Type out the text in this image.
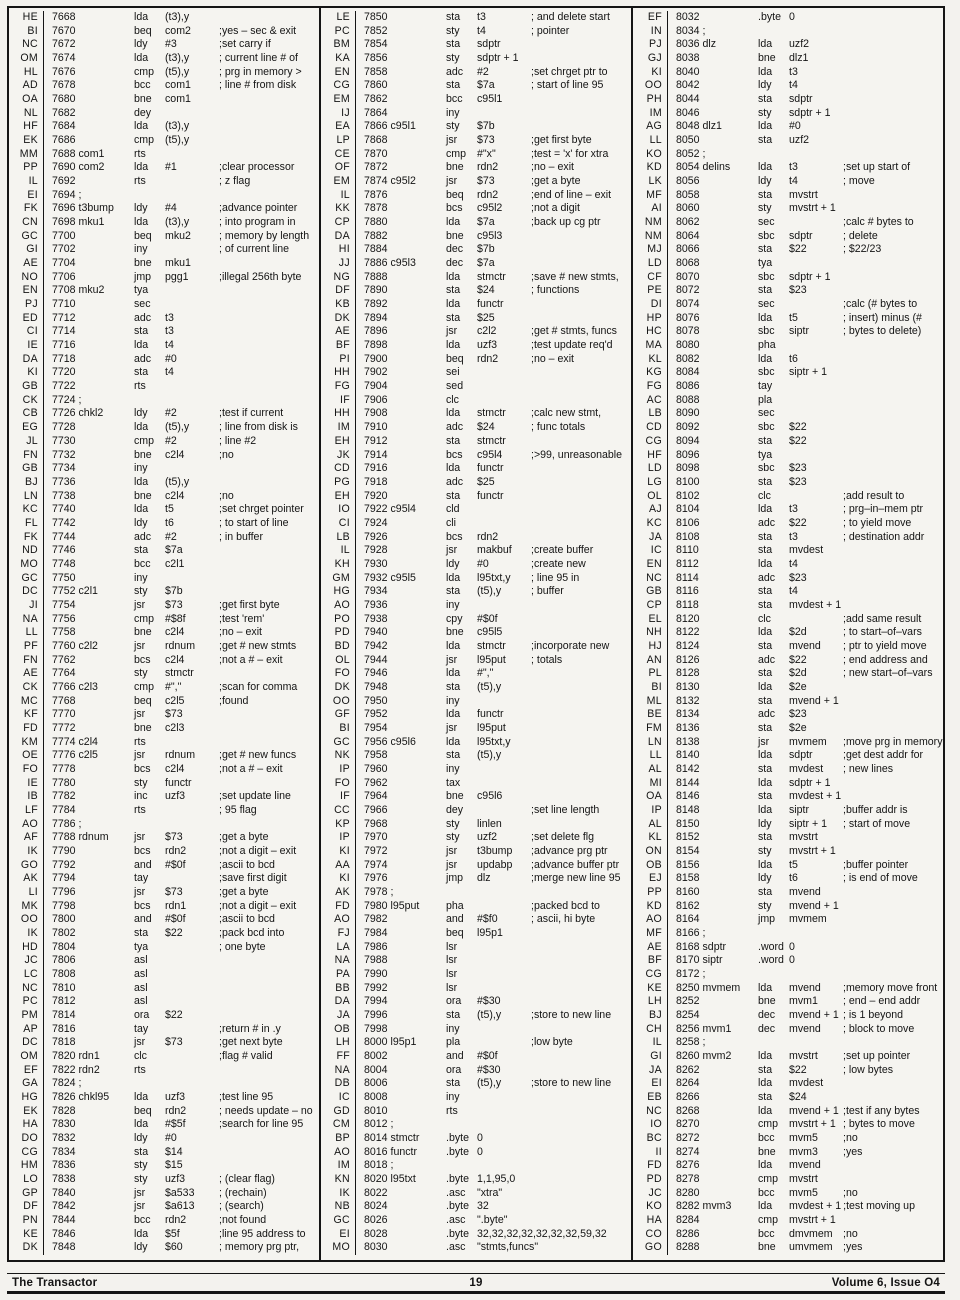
HE	7668	lda	(t3),y
BI	7670	beq	com2	;yes – sec & exit
NC	7672	ldy	#3	;set carry if
OM	7674	lda	(t3),y	; current line # of
HL	7676	cmp	(t5),y	; prg in memory >
AD	7678	bcc	com1	; line # from disk
OA	7680	bne	com1
NL	7682	dey
HF	7684	lda	(t3),y
EK	7686	cmp	(t5),y
MM	7688 com1	rts
PP	7690 com2	lda	#1	;clear processor
IL	7692	rts	; z flag
EI	7694 ;
FK	7696 t3bump	ldy	#4	;advance pointer
CN	7698 mku1	lda	(t3),y	; into program in
GC	7700	beq	mku2	; memory by length
GI	7702	iny	; of current line
AE	7704	bne	mku1
NO	7706	jmp	pgg1	;illegal 256th byte
EN	7708 mku2	tya
PJ	7710	sec
ED	7712	adc	t3
CI	7714	sta	t3
IE	7716	lda	t4
DA	7718	adc	#0
KI	7720	sta	t4
GB	7722	rts
CK	7724 ;
CB	7726 chkl2	ldy	#2	;test if current
EG	7728	lda	(t5),y	; line from disk is
JL	7730	cmp	#2	; line #2
FN	7732	bne	c2l4	;no
GB	7734	iny
BJ	7736	lda	(t5),y
LN	7738	bne	c2l4	;no
KC	7740	lda	t5	;set chrget pointer
FL	7742	ldy	t6	; to start of line
FK	7744	adc	#2	; in buffer
ND	7746	sta	$7a
MO	7748	bcc	c2l1
GC	7750	iny
DC	7752 c2l1	sty	$7b
JI	7754	jsr	$73	;get first byte
NA	7756	cmp	#$8f	;test 'rem'
LL	7758	bne	c2l4	;no – exit
PF	7760 c2l2	jsr	rdnum	;get # new stmts
FN	7762	bcs	c2l4	;not a # – exit
AE	7764	sty	stmctr
CK	7766 c2l3	cmp	#","	;scan for comma
MC	7768	beq	c2l5	;found
KF	7770	jsr	$73
FD	7772	bne	c2l3
KM	7774 c2l4	rts
OE	7776 c2l5	jsr	rdnum	;get # new funcs
FO	7778	bcs	c2l4	;not a # – exit
IE	7780	sty	functr
IB	7782	inc	uzf3	;set update line
LF	7784	rts	; 95 flag
AO	7786 ;
AF	7788 rdnum	jsr	$73	;get a byte
IK	7790	bcs	rdn2	;not a digit – exit
GO	7792	and	#$0f	;ascii to bcd
AK	7794	tay	;save first digit
LI	7796	jsr	$73	;get a byte
MK	7798	bcs	rdn1	;not a digit – exit
OO	7800	and	#$0f	;ascii to bcd
IK	7802	sta	$22	;pack bcd into
HD	7804	tya	; one byte
JC	7806	asl
LC	7808	asl
NC	7810	asl
PC	7812	asl
PM	7814	ora	$22
AP	7816	tay	;return # in .y
DC	7818	jsr	$73	;get next byte
OM	7820 rdn1	clc	;flag # valid
EF	7822 rdn2	rts
GA	7824 ;
HG	7826 chkl95	lda	uzf3	;test line 95
EK	7828	beq	rdn2	; needs update – no
HA	7830	lda	#$5f	;search for line 95
DO	7832	ldy	#0
CG	7834	sta	$14
HM	7836	sty	$15
LO	7838	sty	uzf3	; (clear flag)
GP	7840	jsr	$a533	; (rechain)
DF	7842	jsr	$a613	; (search)
PN	7844	bcc	rdn2	;not found
KE	7846	lda	$5f	;line 95 address to
DK	7848	ldy	$60	; memory prg ptr,
LE	7850	sta	t3	; and delete start
PC	7852	sty	t4	; pointer
BM	7854	sta	sdptr
KA	7856	sty	sdptr + 1
EN	7858	adc	#2	;set chrget ptr to
CG	7860	sta	$7a	; start of line 95
EM	7862	bcc	c95l1
IJ	7864	iny
EA	7866 c95l1	sty	$7b
LP	7868	jsr	$73	;get first byte
CE	7870	cmp	#"x"	;test = 'x' for xtra
OF	7872	bne	rdn2	;no – exit
EM	7874 c95l2	jsr	$73	;get a byte
IL	7876	beq	rdn2	;end of line – exit
KK	7878	bcs	c95l2	;not a digit
CP	7880	lda	$7a	;back up cg ptr
DA	7882	bne	c95l3
HI	7884	dec	$7b
JJ	7886 c95l3	dec	$7a
NG	7888	lda	stmctr	;save # new stmts,
DF	7890	sta	$24	; functions
KB	7892	lda	functr
DK	7894	sta	$25
AE	7896	jsr	c2l2	;get # stmts, funcs
BF	7898	lda	uzf3	;test update req'd
PI	7900	beq	rdn2	;no – exit
HH	7902	sei
FG	7904	sed
IF	7906	clc
HH	7908	lda	stmctr	;calc new stmt,
IM	7910	adc	$24	; func totals
EH	7912	sta	stmctr
JK	7914	bcs	c95l4	;>99, unreasonable
CD	7916	lda	functr
PG	7918	adc	$25
EH	7920	sta	functr
IO	7922 c95l4	cld
CI	7924	cli
LB	7926	bcs	rdn2
IL	7928	jsr	makbuf	;create buffer
KH	7930	ldy	#0	;create new
GM	7932 c95l5	lda	l95txt,y	; line 95 in
HG	7934	sta	(t5),y	; buffer
AO	7936	iny
PO	7938	cpy	#$0f
PD	7940	bne	c95l5
BD	7942	lda	stmctr	;incorporate new
OL	7944	jsr	l95put	; totals
FO	7946	lda	#","
DK	7948	sta	(t5),y
OO	7950	iny
GF	7952	lda	functr
BI	7954	jsr	l95put
GC	7956 c95l6	lda	l95txt,y
NK	7958	sta	(t5),y
IP	7960	iny
FO	7962	tax
IF	7964	bne	c95l6
CC	7966	dey	;set line length
KP	7968	sty	linlen
IP	7970	sty	uzf2	;set delete flg
KI	7972	jsr	t3bump	;advance prg ptr
AA	7974	jsr	updabp	;advance buffer ptr
KI	7976	jmp	dlz	;merge new line 95
AK	7978 ;
FD	7980 l95put	pha	;packed bcd to
AO	7982	and	#$f0	; ascii, hi byte
FJ	7984	beq	l95p1
LA	7986	lsr
NA	7988	lsr
PA	7990	lsr
BB	7992	lsr
DA	7994	ora	#$30
JA	7996	sta	(t5),y	;store to new line
OB	7998	iny
LH	8000 l95p1	pla	;low byte
FF	8002	and	#$0f
NA	8004	ora	#$30
DB	8006	sta	(t5),y	;store to new line
IC	8008	iny
GD	8010	rts
CM	8012 ;
BP	8014 stmctr	.byte 0
AO	8016 functr	.byte 0
IM	8018 ;
KN	8020 l95txt	.byte 1,1,95,0
IK	8022	.asc	"xtra"
NB	8024	.byte 32
GC	8026	.asc	".byte"
EI	8028	.byte 32,32,32,32,32,32,32,59,32
MO	8030	.asc	"stmts,funcs"
EF	8032	.byte 0
IN	8034 ;
PJ	8036 dlz	lda	uzf2
GJ	8038	bne	dlz1
KI	8040	lda	t3
OO	8042	ldy	t4
PH	8044	sta	sdptr
IM	8046	sty	sdptr + 1
AG	8048 dlz1	lda	#0
LL	8050	sta	uzf2
KO	8052 ;
KD	8054 delins	lda	t3	;set up start of
LK	8056	ldy	t4	; move
MF	8058	sta	mvstrt
AI	8060	sty	mvstrt + 1
NM	8062	sec	;calc # bytes to
NM	8064	sbc	sdptr	; delete
MJ	8066	sta	$22	; $22/23
LD	8068	tya
CF	8070	sbc	sdptr + 1
PE	8072	sta	$23
DI	8074	sec	;calc (# bytes to
HP	8076	lda	t5	; insert) minus (#
HC	8078	sbc	siptr	; bytes to delete)
MA	8080	pha
KL	8082	lda	t6
KG	8084	sbc	siptr + 1
FG	8086	tay
AC	8088	pla
LB	8090	sec
CD	8092	sbc	$22
CG	8094	sta	$22
HF	8096	tya
LD	8098	sbc	$23
LG	8100	sta	$23
OL	8102	clc	;add result to
AJ	8104	lda	t3	; prg–in–mem ptr
KC	8106	adc	$22	; to yield move
JA	8108	sta	t3	; destination addr
IC	8110	sta	mvdest
EN	8112	lda	t4
NC	8114	adc	$23
GB	8116	sta	t4
CP	8118	sta	mvdest + 1
EL	8120	clc	;add same result
NH	8122	lda	$2d	; to start–of–vars
HJ	8124	sta	mvend	; ptr to yield move
AN	8126	adc	$22	; end address and
PL	8128	sta	$2d	; new start–of–vars
BI	8130	lda	$2e
ML	8132	sta	mvend + 1
BE	8134	adc	$23
FM	8136	sta	$2e
LN	8138	jsr	mvmem	;move prg in memory
LL	8140	lda	sdptr	;get dest addr for
AL	8142	sta	mvdest	; new lines
MI	8144	lda	sdptr + 1
OA	8146	sta	mvdest + 1
IP	8148	lda	siptr	;buffer addr is
AL	8150	ldy	siptr + 1	; start of move
KL	8152	sta	mvstrt
ON	8154	sty	mvstrt + 1
OB	8156	lda	t5	;buffer pointer
EJ	8158	ldy	t6	; is end of move
PP	8160	sta	mvend
KD	8162	sty	mvend + 1
AO	8164	jmp	mvmem
MF	8166 ;
AE	8168 sdptr	.word 0
BF	8170 siptr	.word 0
CG	8172 ;
KE	8250 mvmem	lda	mvend	;memory move front
LH	8252	bne	mvm1	; end – end addr
BJ	8254	dec	mvend + 1 ; is 1 beyond
CH	8256 mvm1	dec	mvend	; block to move
IL	8258 ;
GI	8260 mvm2	lda	mvstrt	;set up pointer
JA	8262	sta	$22	; low bytes
EI	8264	lda	mvdest
EB	8266	sta	$24
NC	8268	lda	mvend + 1 ;test if any bytes
IO	8270	cmp	mvstrt + 1 ; bytes to move
BC	8272	bcc	mvm5	;no
II	8274	bne	mvm3	;yes
FD	8276	lda	mvend
PD	8278	cmp	mvstrt
JC	8280	bcc	mvm5	;no
KO	8282 mvm3	lda	mvdest + 1 ;test moving up
HA	8284	cmp	mvstrt + 1
CO	8286	bcc	dmvmem ;no
GO	8288	bne	umvmem ;yes
The Transactor	19	Volume 6, Issue O4
